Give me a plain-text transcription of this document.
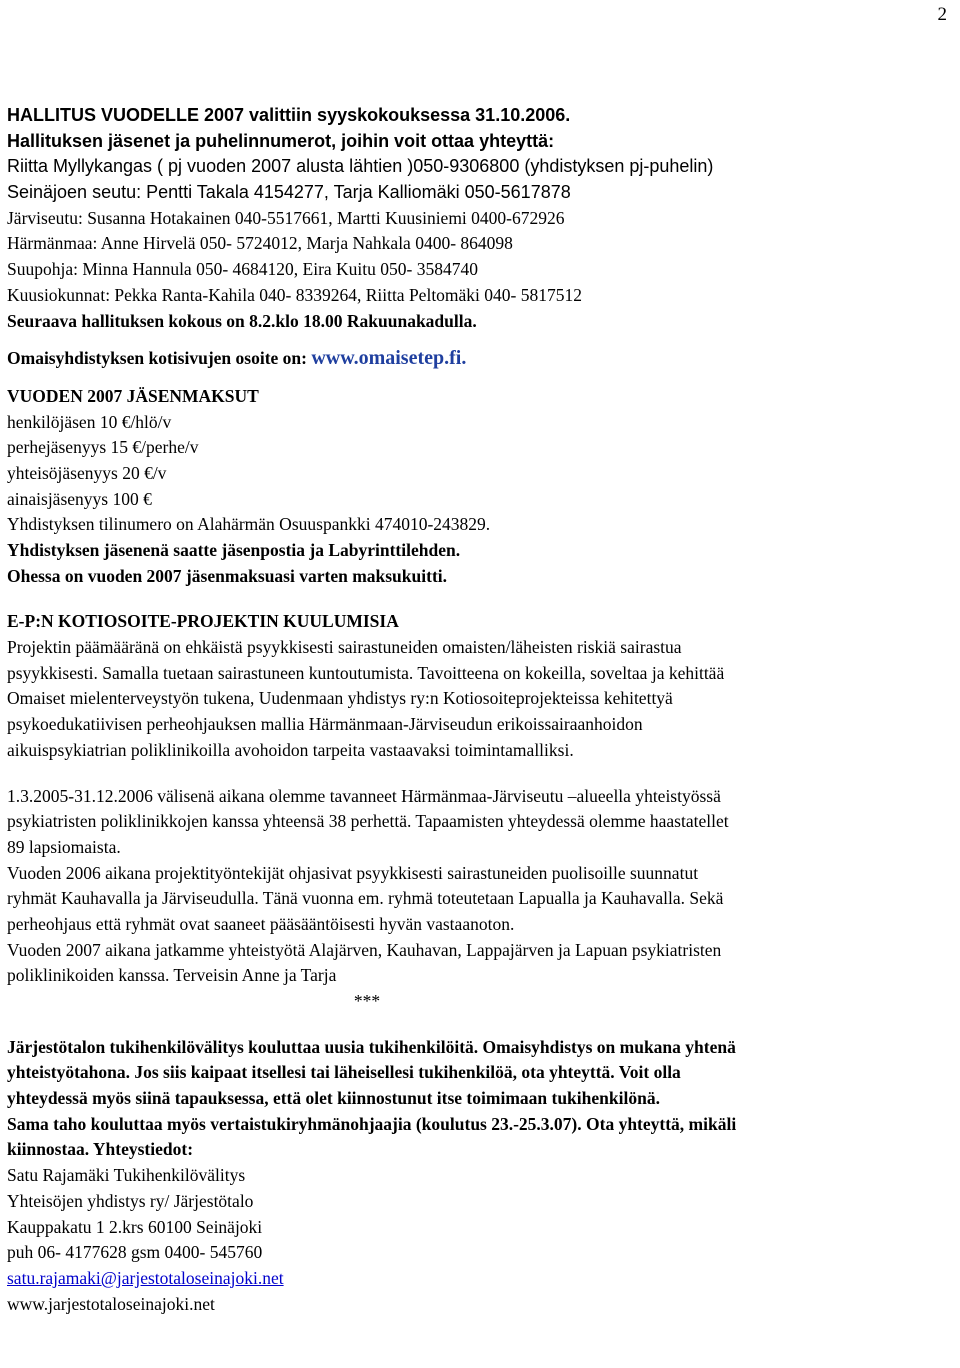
2
HALLITUS VUODELLE 2007 valittiin syyskokouksessa 31.10.2006.
Hallituksen jäsenet ja puhelinnumerot, joihin voit ottaa yhteyttä:
Riitta Myllykangas ( pj vuoden 2007 alusta lähtien )050-9306800 (yhdistyksen pj-puhelin)
Seinäjoen seutu: Pentti Takala 4154277, Tarja Kalliomäki 050-5617878
Järviseutu: Susanna Hotakainen 040-5517661, Martti Kuusiniemi 0400-672926
Härmänmaa: Anne Hirvelä 050- 5724012, Marja Nahkala 0400- 864098
Suupohja: Minna Hannula 050- 4684120, Eira Kuitu 050- 3584740
Kuusiokunnat: Pekka Ranta-Kahila 040- 8339264, Riitta Peltomäki 040- 5817512
Seuraava hallituksen kokous on 8.2.klo 18.00 Rakuunakadulla.
Omaisyhdistyksen kotisivujen osoite on: www.omaisetep.fi.
VUODEN 2007 JÄSENMAKSUT
henkilöjäsen 10 €/hlö/v
perhejäsenyys 15 €/perhe/v
yhteisöjäsenyys 20 €/v
ainaisjäsenyys 100 €
Yhdistyksen tilinumero on Alahärmän Osuuspankki 474010-243829.
Yhdistyksen jäsenenä saatte jäsenpostia ja Labyrinttilehden.
Ohessa on vuoden 2007 jäsenmaksuasi varten maksukuitti.
E-P:N KOTIOSOITE-PROJEKTIN KUULUMISIA
Projektin päämääränä on ehkäistä psyykkisesti sairastuneiden omaisten/läheisten riskiä sairastua
psyykkisesti. Samalla tuetaan sairastuneen kuntoutumista. Tavoitteena on kokeilla, soveltaa ja kehittää
Omaiset mielenterveystyön tukena, Uudenmaan yhdistys ry:n Kotiosoiteprojekteissa kehitettyä
psykoedukatiivisen perheohjauksen mallia Härmänmaan-Järviseudun erikoissairaanhoidon
aikuispsykiatrian poliklinikoilla avohoidon tarpeita vastaavaksi toimintamalliksi.
1.3.2005-31.12.2006 välisenä aikana olemme tavanneet Härmänmaa-Järviseutu –alueella yhteistyössä
psykiatristen poliklinikkojen kanssa yhteensä 38 perhettä. Tapaamisten yhteydessä olemme haastatellet
89 lapsiomaista.
Vuoden 2006 aikana projektityöntekijät ohjasivat psyykkisesti sairastuneiden puolisoille suunnatut
ryhmät Kauhavalla ja Järviseudulla. Tänä vuonna em. ryhmä toteutetaan Lapualla ja Kauhavalla. Sekä
perheohjaus että ryhmät ovat saaneet pääsääntöisesti hyvän vastaanoton.
Vuoden 2007 aikana jatkamme yhteistyötä Alajärven, Kauhavan, Lappajärven ja Lapuan psykiatristen
poliklinikoiden kanssa. Terveisin Anne ja Tarja
***
Järjestötalon tukihenkilövälitys kouluttaa uusia tukihenkilöitä. Omaisyhdistys on mukana yhtenä
yhteistyötahona. Jos siis kaipaat itsellesi tai läheisellesi tukihenkilöä, ota yhteyttä. Voit olla
yhteydessä myös siinä tapauksessa, että olet kiinnostunut itse toimimaan tukihenkilönä.
Sama taho kouluttaa myös vertaistukiryhmänohjaajia (koulutus 23.-25.3.07). Ota yhteyttä, mikäli
kiinnostaa. Yhteystiedot:
Satu Rajamäki Tukihenkilövälitys
Yhteisöjen yhdistys ry/ Järjestötalo
Kauppakatu 1 2.krs 60100 Seinäjoki
puh 06- 4177628 gsm 0400- 545760
satu.rajamaki@jarjestotaloseinajoki.net
www.jarjestotaloseinajoki.net
